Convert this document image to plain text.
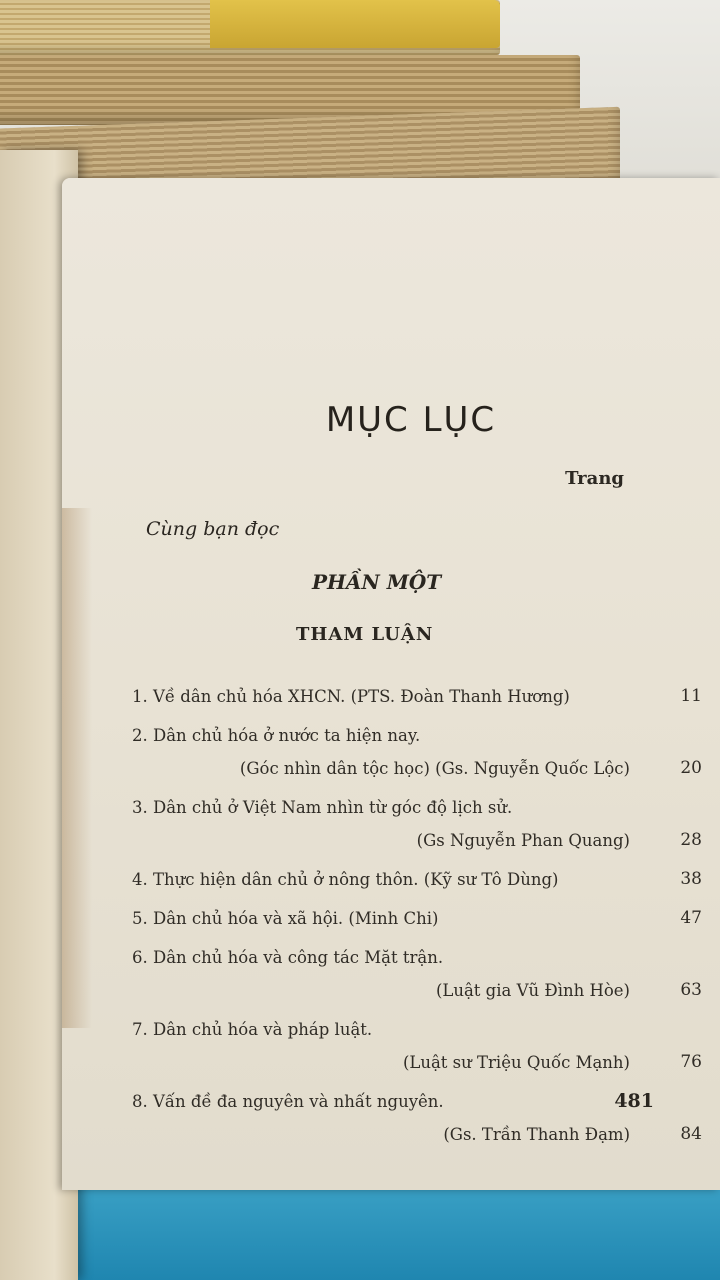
MỤC LỤC
Trang
Cùng bạn đọc
PHẦN MỘT
THAM LUẬN
1. Về dân chủ hóa XHCN. (PTS. Đoàn Thanh Hương)	11
2. Dân chủ hóa ở nước ta hiện nay.
(Góc nhìn dân tộc học) (Gs. Nguyễn Quốc Lộc)	20
3. Dân chủ ở Việt Nam nhìn từ góc độ lịch sử.
(Gs Nguyễn Phan Quang)	28
4. Thực hiện dân chủ ở nông thôn. (Kỹ sư Tô Dùng)	38
5. Dân chủ hóa và xã hội. (Minh Chi)	47
6. Dân chủ hóa và công tác Mặt trận.
(Luật gia Vũ Đình Hòe)	63
7. Dân chủ hóa và pháp luật.
(Luật sư Triệu Quốc Mạnh)	76
8. Vấn đề đa nguyên và nhất nguyên.
(Gs. Trần Thanh Đạm)	84
481
